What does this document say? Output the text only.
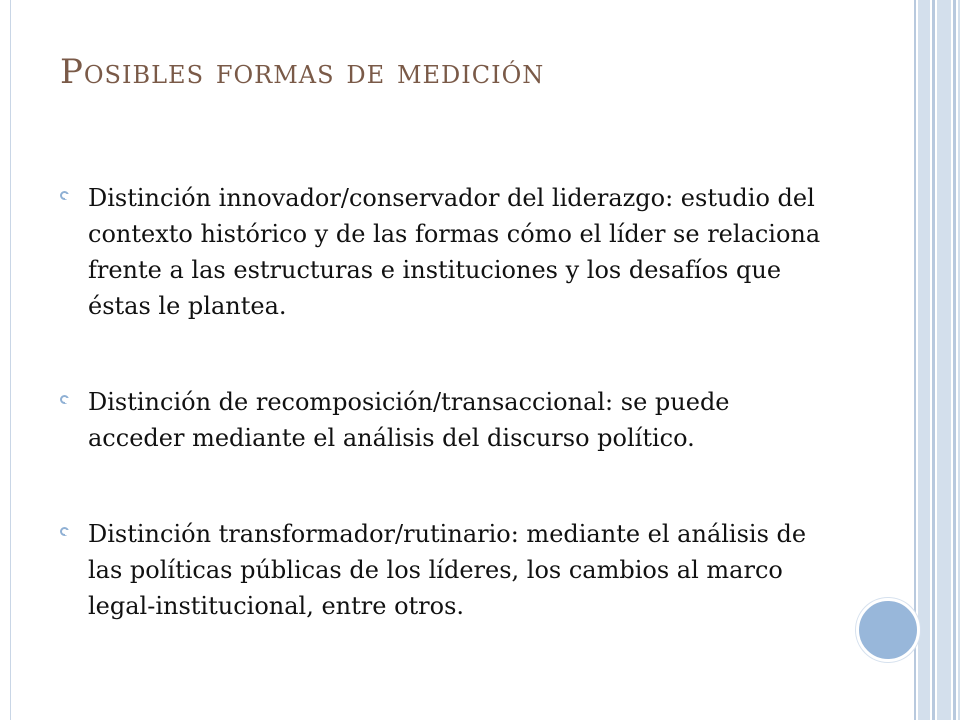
Posibles formas de medición
Distinción innovador/conservador del liderazgo: estudio del contexto histórico y de las formas cómo el líder se relaciona frente a las estructuras e instituciones y los desafíos que éstas le plantea.
Distinción de recomposición/transaccional: se puede acceder mediante el análisis del discurso político.
Distinción transformador/rutinario: mediante el análisis de las políticas públicas de los líderes, los cambios al marco legal-institucional, entre otros.
